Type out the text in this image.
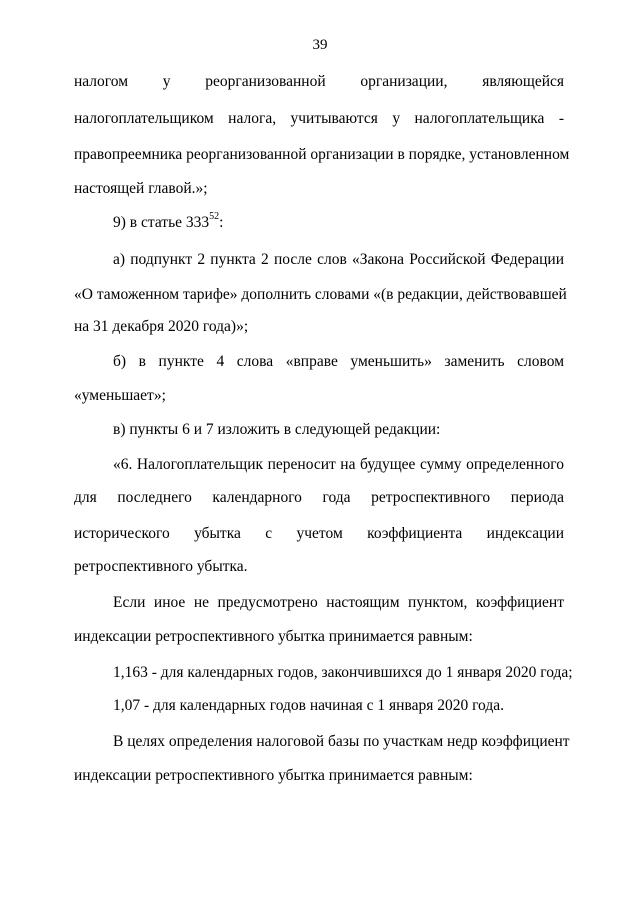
39
налогом у реорганизованной организации, являющейся
налогоплательщиком налога, учитываются у налогоплательщика -
правопреемника реорганизованной организации в порядке, установленном
настоящей главой.»;
9) в статье $333^{52}$:
а) подпункт 2 пункта 2 после слов «Закона Российской Федерации
«О таможенном тарифе» дополнить словами «(в редакции, действовавшей
на 31 декабря 2020 года)»;
б) в пункте 4 слова «вправе уменьшить» заменить словом
«уменьшает»;
в) пункты 6 и 7 изложить в следующей редакции:
«6. Налогоплательщик переносит на будущее сумму определенного
для последнего календарного года ретроспективного периода
исторического убытка с учетом коэффициента индексации
ретроспективного убытка.
Если иное не предусмотрено настоящим пунктом, коэффициент
индексации ретроспективного убытка принимается равным:
1,163 - для календарных годов, закончившихся до 1 января 2020 года;
1,07 - для календарных годов начиная с 1 января 2020 года.
В целях определения налоговой базы по участкам недр коэффициент
индексации ретроспективного убытка принимается равным:
